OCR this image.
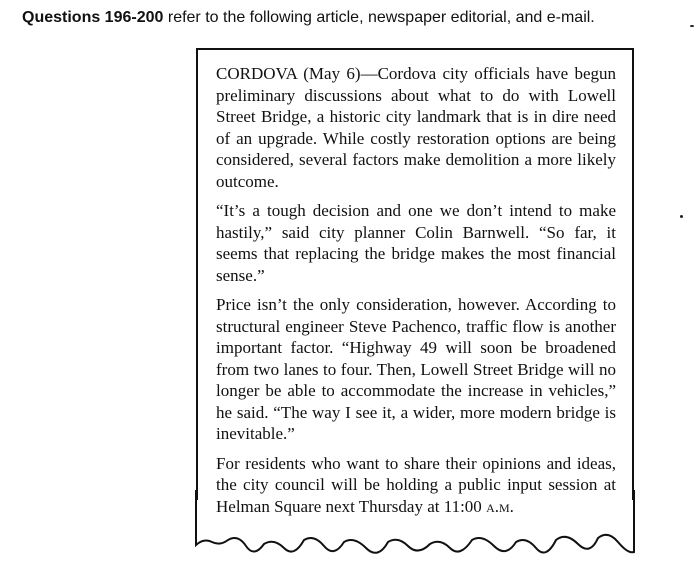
Questions 196-200 refer to the following article, newspaper editorial, and e-mail.

CORDOVA (May 6)—Cordova city officials have begun preliminary discussions about what to do with Lowell Street Bridge, a historic city landmark that is in dire need of an upgrade. While costly restoration options are being considered, several factors make demolition a more likely outcome.

“It’s a tough decision and one we don’t intend to make hastily,” said city planner Colin Barnwell. “So far, it seems that replacing the bridge makes the most financial sense.”

Price isn’t the only consideration, however. According to structural engineer Steve Pachenco, traffic flow is another important factor. “Highway 49 will soon be broadened from two lanes to four. Then, Lowell Street Bridge will no longer be able to accommodate the increase in vehicles,” he said. “The way I see it, a wider, more modern bridge is inevitable.”

For residents who want to share their opinions and ideas, the city council will be holding a public input session at Helman Square next Thursday at 11:00 a.m.
